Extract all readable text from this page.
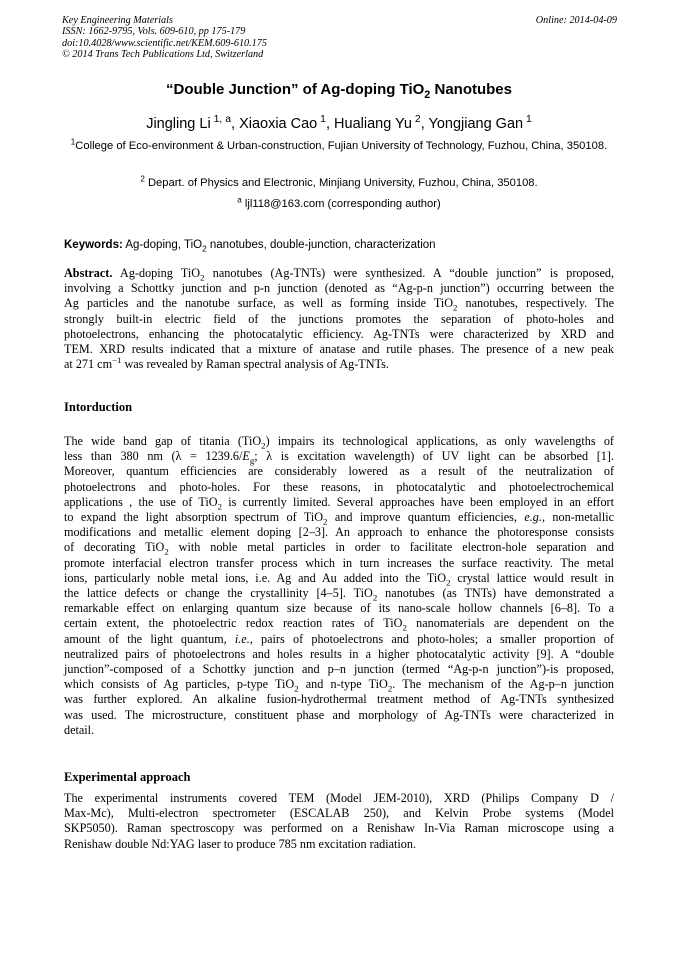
Key Engineering Materials
ISSN: 1662-9795, Vols. 609-610, pp 175-179
doi:10.4028/www.scientific.net/KEM.609-610.175
© 2014 Trans Tech Publications Ltd, Switzerland
Online: 2014-04-09
“Double Junction” of Ag-doping TiO$_2$ Nanotubes
Jingling Li $^{1, a}$, Xiaoxia Cao $^1$, Hualiang Yu $^2$, Yongjiang Gan $^1$
$^1$College of Eco-environment & Urban-construction, Fujian University of Technology, Fuzhou, China, 350108.
$^2$ Depart. of Physics and Electronic, Minjiang University, Fuzhou, China, 350108.
$^a$ ljl118@163.com (corresponding author)
Keywords: Ag-doping, TiO$_2$ nanotubes, double-junction, characterization
Abstract. Ag-doping TiO$_2$ nanotubes (Ag-TNTs) were synthesized. A “double junction” is proposed,
involving a Schottky junction and p-n junction (denoted as “Ag-p-n junction”) occurring between the
Ag particles and the nanotube surface, as well as forming inside TiO$_2$ nanotubes, respectively. The
strongly built-in electric field of the junctions promotes the separation of photo-holes and
photoelectrons, enhancing the photocatalytic efficiency. Ag-TNTs were characterized by XRD and
TEM. XRD results indicated that a mixture of anatase and rutile phases. The presence of a new peak
at 271 $cm^{-1}$ was revealed by Raman spectral analysis of Ag-TNTs.
Intorduction
The wide band gap of titania (TiO$_2$) impairs its technological applications, as only wavelengths of
less than 380 nm ($\lambda = 1239.6/E_g$; λ is excitation wavelength) of UV light can be absorbed [1].
Moreover, quantum efficiencies are considerably lowered as a result of the neutralization of
photoelectrons and photo-holes. For these reasons, in photocatalytic and photoelectrochemical
applications , the use of TiO$_2$ is currently limited. Several approaches have been employed in an effort
to expand the light absorption spectrum of TiO$_2$ and improve quantum efficiencies, e.g., non-metallic
modifications and metallic element doping [2–3]. An approach to enhance the photoresponse consists
of decorating TiO$_2$ with noble metal particles in order to facilitate electron-hole separation and
promote interfacial electron transfer process which in turn increases the surface reactivity. The metal
ions, particularly noble metal ions, i.e. Ag and Au added into the TiO$_2$ crystal lattice would result in
the lattice defects or change the crystallinity [4–5]. TiO$_2$ nanotubes (as TNTs) have demonstrated a
remarkable effect on enlarging quantum size because of its nano-scale hollow channels [6–8]. To a
certain extent, the photoelectric redox reaction rates of TiO$_2$ nanomaterials are dependent on the
amount of the light quantum, i.e., pairs of photoelectrons and photo-holes; a smaller proportion of
neutralized pairs of photoelectrons and holes results in a higher photocatalytic activity [9]. A “double
junction”-composed of a Schottky junction and p–n junction (termed “Ag-p-n junction”)-is proposed,
which consists of Ag particles, p-type TiO$_2$ and n-type TiO$_2$. The mechanism of the Ag-p–n junction
was further explored. An alkaline fusion-hydrothermal treatment method of Ag-TNTs synthesized
was used. The microstructure, constituent phase and morphology of Ag-TNTs were characterized in
detail.
Experimental approach
The experimental instruments covered TEM (Model JEM-2010), XRD (Philips Company D /
Max-Mc), Multi-electron spectrometer (ESCALAB 250), and Kelvin Probe systems (Model
SKP5050). Raman spectroscopy was performed on a Renishaw In-Via Raman microscope using a
Renishaw double Nd:YAG laser to produce 785 nm excitation radiation.
